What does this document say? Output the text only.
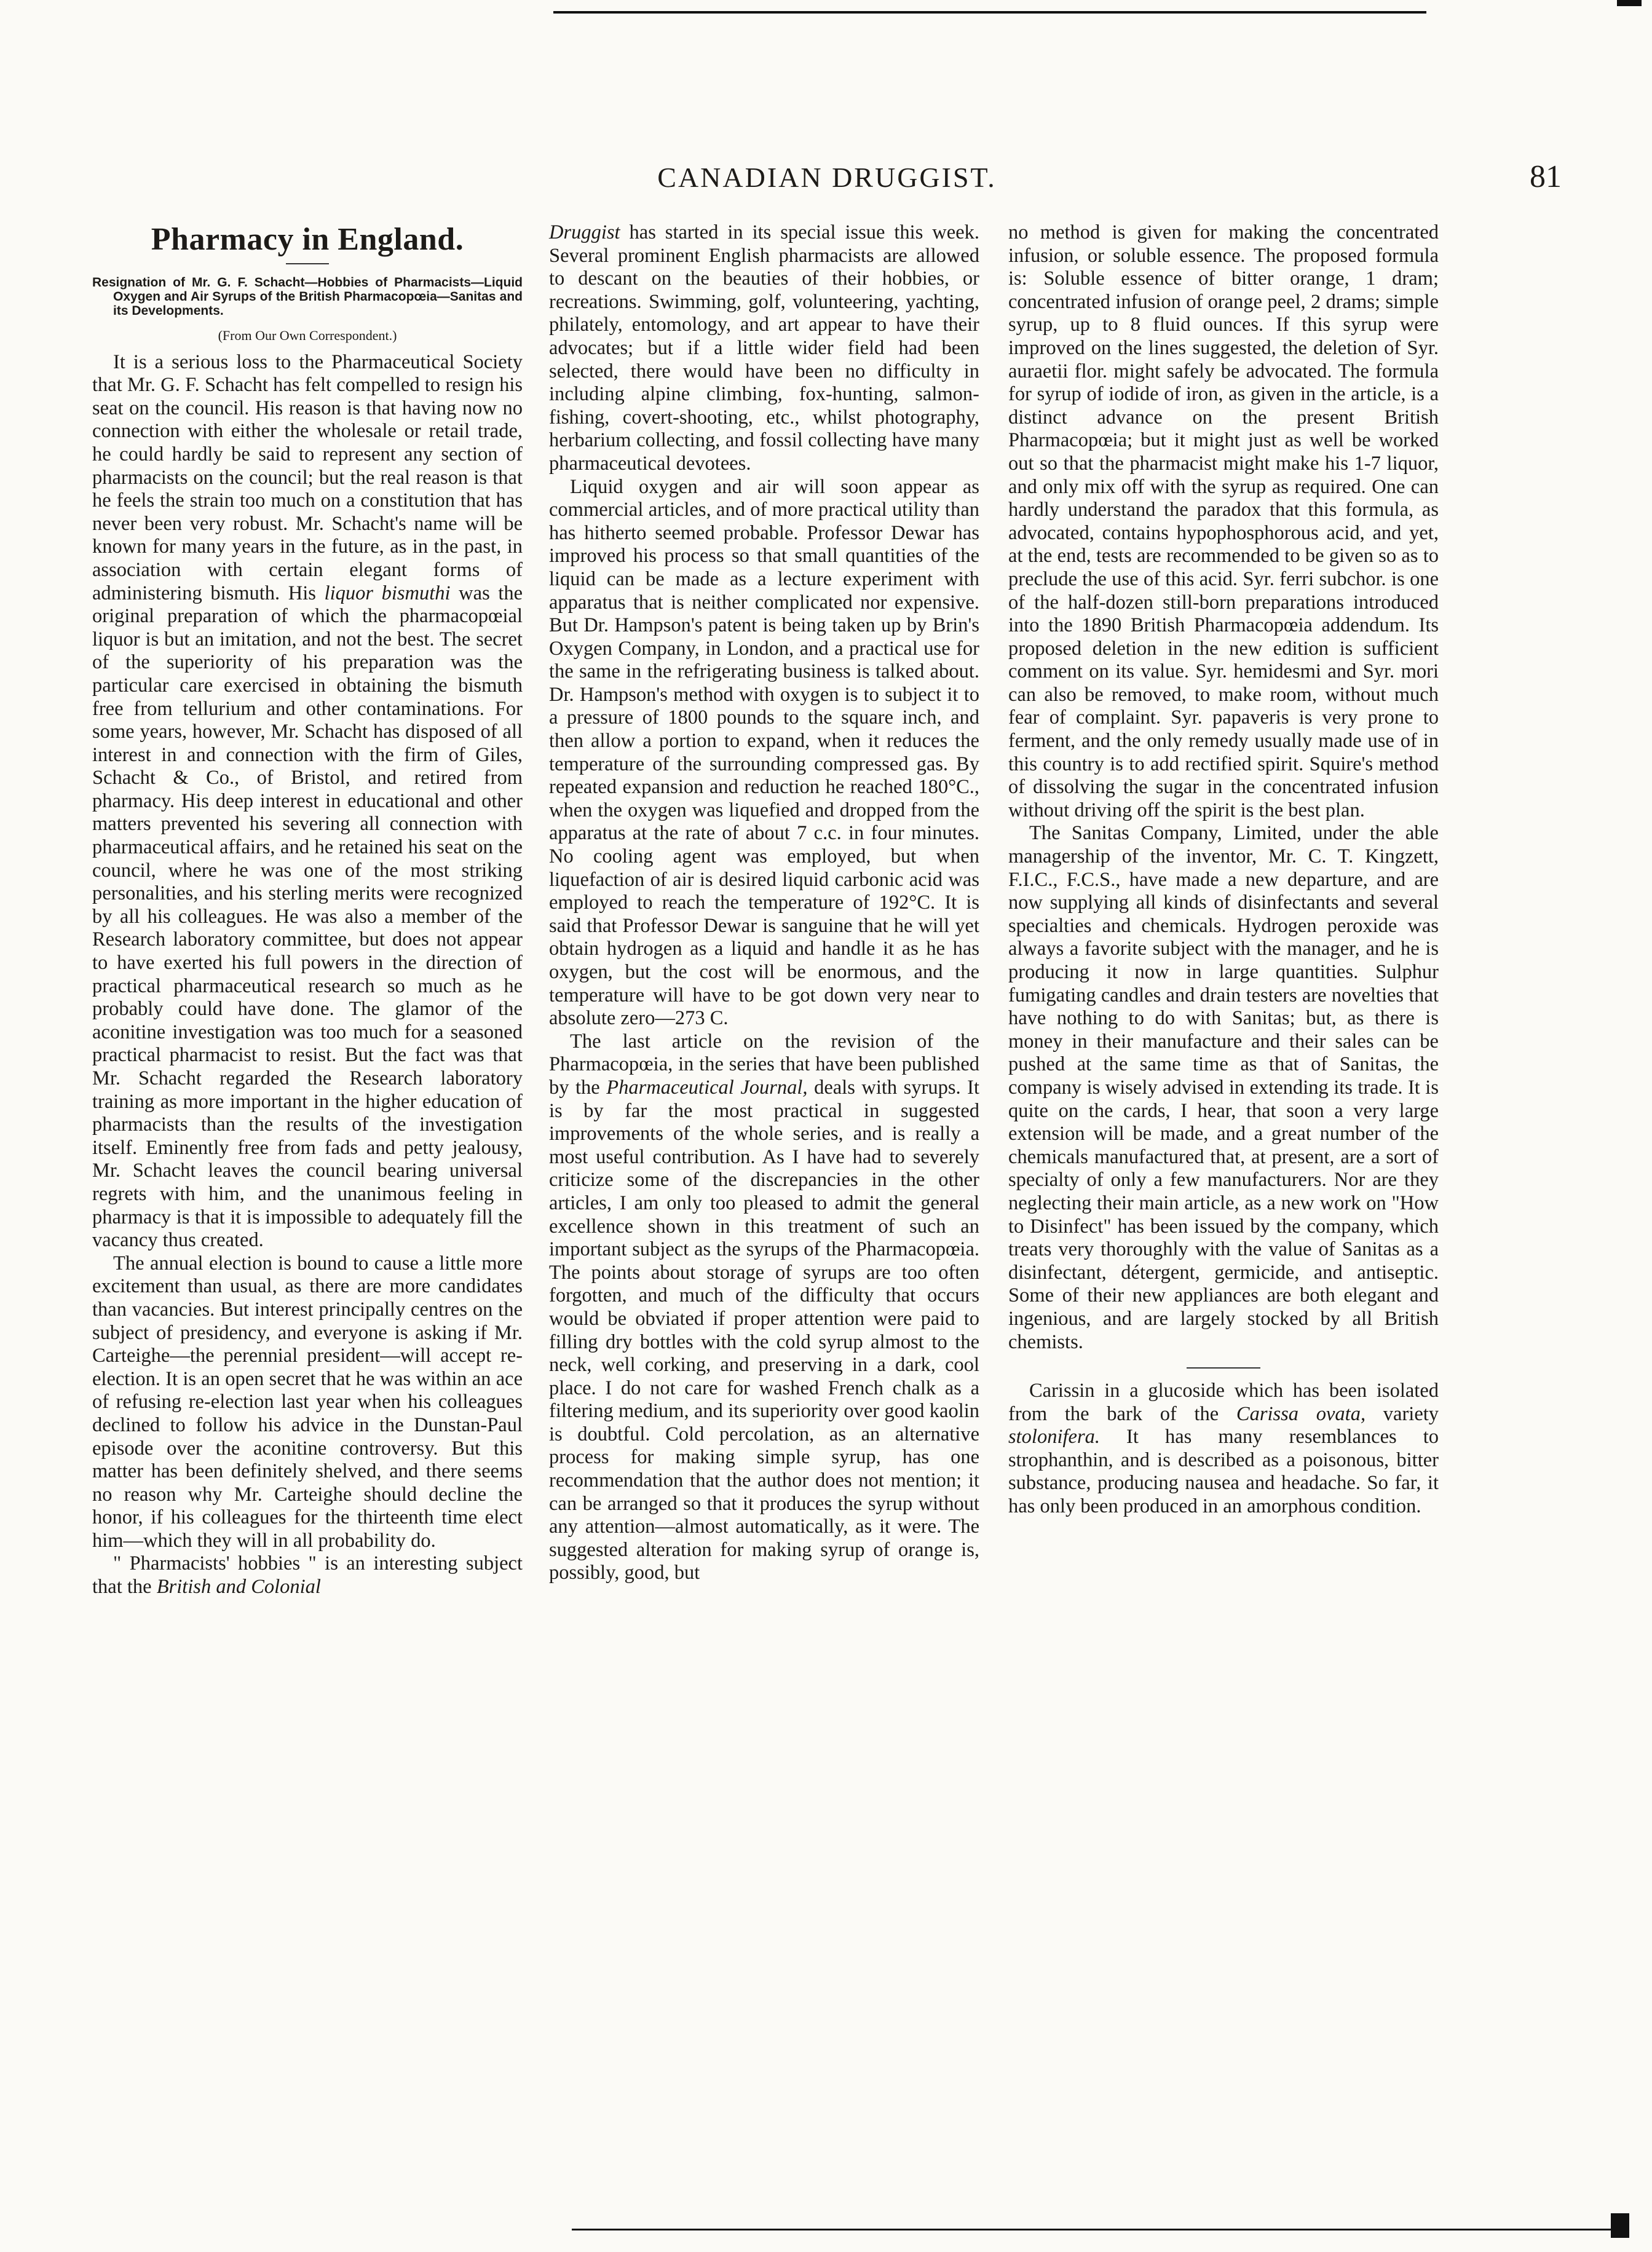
CANADIAN DRUGGIST.	81
Pharmacy in England.
Resignation of Mr. G. F. Schacht—Hobbies of Pharmacists—Liquid Oxygen and Air Syrups of the British Pharmacopœia—Sanitas and its Developments.
(From Our Own Correspondent.)

It is a serious loss to the Pharmaceutical Society that Mr. G. F. Schacht has felt compelled to resign his seat on the council. His reason is that having now no connection with either the wholesale or retail trade, he could hardly be said to represent any section of pharmacists on the council; but the real reason is that he feels the strain too much on a constitution that has never been very robust. Mr. Schacht's name will be known for many years in the future, as in the past, in association with certain elegant forms of administering bismuth. His liquor bismuthi was the original preparation of which the pharmacopœial liquor is but an imitation, and not the best. The secret of the superiority of his preparation was the particular care exercised in obtaining the bismuth free from tellurium and other contaminations. For some years, however, Mr. Schacht has disposed of all interest in and connection with the firm of Giles, Schacht & Co., of Bristol, and retired from pharmacy. His deep interest in educational and other matters prevented his severing all connection with pharmaceutical affairs, and he retained his seat on the council, where he was one of the most striking personalities, and his sterling merits were recognized by all his colleagues. He was also a member of the Research laboratory committee, but does not appear to have exerted his full powers in the direction of practical pharmaceutical research so much as he probably could have done. The glamor of the aconitine investigation was too much for a seasoned practical pharmacist to resist. But the fact was that Mr. Schacht regarded the Research laboratory training as more important in the higher education of pharmacists than the results of the investigation itself. Eminently free from fads and petty jealousy, Mr. Schacht leaves the council bearing universal regrets with him, and the unanimous feeling in pharmacy is that it is impossible to adequately fill the vacancy thus created.

The annual election is bound to cause a little more excitement than usual, as there are more candidates than vacancies. But interest principally centres on the subject of presidency, and everyone is asking if Mr. Carteighe—the perennial president—will accept re-election. It is an open secret that he was within an ace of refusing re-election last year when his colleagues declined to follow his advice in the Dunstan-Paul episode over the aconitine controversy. But this matter has been definitely shelved, and there seems no reason why Mr. Carteighe should decline the honor, if his colleagues for the thirteenth time elect him—which they will in all probability do.

" Pharmacists' hobbies " is an interesting subject that the British and Colonial

Druggist has started in its special issue this week. Several prominent English pharmacists are allowed to descant on the beauties of their hobbies, or recreations. Swimming, golf, volunteering, yachting, philately, entomology, and art appear to have their advocates; but if a little wider field had been selected, there would have been no difficulty in including alpine climbing, fox-hunting, salmon-fishing, covert-shooting, etc., whilst photography, herbarium collecting, and fossil collecting have many pharmaceutical devotees.

Liquid oxygen and air will soon appear as commercial articles, and of more practical utility than has hitherto seemed probable. Professor Dewar has improved his process so that small quantities of the liquid can be made as a lecture experiment with apparatus that is neither complicated nor expensive. But Dr. Hampson's patent is being taken up by Brin's Oxygen Company, in London, and a practical use for the same in the refrigerating business is talked about. Dr. Hampson's method with oxygen is to subject it to a pressure of 1800 pounds to the square inch, and then allow a portion to expand, when it reduces the temperature of the surrounding compressed gas. By repeated expansion and reduction he reached 180°C., when the oxygen was liquefied and dropped from the apparatus at the rate of about 7 c.c. in four minutes. No cooling agent was employed, but when liquefaction of air is desired liquid carbonic acid was employed to reach the temperature of 192°C. It is said that Professor Dewar is sanguine that he will yet obtain hydrogen as a liquid and handle it as he has oxygen, but the cost will be enormous, and the temperature will have to be got down very near to absolute zero—273 C.

The last article on the revision of the Pharmacopœia, in the series that have been published by the Pharmaceutical Journal, deals with syrups. It is by far the most practical in suggested improvements of the whole series, and is really a most useful contribution. As I have had to severely criticize some of the discrepancies in the other articles, I am only too pleased to admit the general excellence shown in this treatment of such an important subject as the syrups of the Pharmacopœia. The points about storage of syrups are too often forgotten, and much of the difficulty that occurs would be obviated if proper attention were paid to filling dry bottles with the cold syrup almost to the neck, well corking, and preserving in a dark, cool place. I do not care for washed French chalk as a filtering medium, and its superiority over good kaolin is doubtful. Cold percolation, as an alternative process for making simple syrup, has one recommendation that the author does not mention; it can be arranged so that it produces the syrup without any attention—almost automatically, as it were. The suggested alteration for making syrup of orange is, possibly, good, but

no method is given for making the concentrated infusion, or soluble essence. The proposed formula is: Soluble essence of bitter orange, 1 dram; concentrated infusion of orange peel, 2 drams; simple syrup, up to 8 fluid ounces. If this syrup were improved on the lines suggested, the deletion of Syr. auraetii flor. might safely be advocated. The formula for syrup of iodide of iron, as given in the article, is a distinct advance on the present British Pharmacopœia; but it might just as well be worked out so that the pharmacist might make his 1-7 liquor, and only mix off with the syrup as required. One can hardly understand the paradox that this formula, as advocated, contains hypophosphorous acid, and yet, at the end, tests are recommended to be given so as to preclude the use of this acid. Syr. ferri subchor. is one of the half-dozen still-born preparations introduced into the 1890 British Pharmacopœia addendum. Its proposed deletion in the new edition is sufficient comment on its value. Syr. hemidesmi and Syr. mori can also be removed, to make room, without much fear of complaint. Syr. papaveris is very prone to ferment, and the only remedy usually made use of in this country is to add rectified spirit. Squire's method of dissolving the sugar in the concentrated infusion without driving off the spirit is the best plan.

The Sanitas Company, Limited, under the able managership of the inventor, Mr. C. T. Kingzett, F.I.C., F.C.S., have made a new departure, and are now supplying all kinds of disinfectants and several specialties and chemicals. Hydrogen peroxide was always a favorite subject with the manager, and he is producing it now in large quantities. Sulphur fumigating candles and drain testers are novelties that have nothing to do with Sanitas; but, as there is money in their manufacture and their sales can be pushed at the same time as that of Sanitas, the company is wisely advised in extending its trade. It is quite on the cards, I hear, that soon a very large extension will be made, and a great number of the chemicals manufactured that, at present, are a sort of specialty of only a few manufacturers. Nor are they neglecting their main article, as a new work on "How to Disinfect" has been issued by the company, which treats very thoroughly with the value of Sanitas as a disinfectant, détergent, germicide, and antiseptic. Some of their new appliances are both elegant and ingenious, and are largely stocked by all British chemists.

Carissin in a glucoside which has been isolated from the bark of the Carissa ovata, variety stolonifera. It has many resemblances to strophanthin, and is described as a poisonous, bitter substance, producing nausea and headache. So far, it has only been produced in an amorphous condition.
